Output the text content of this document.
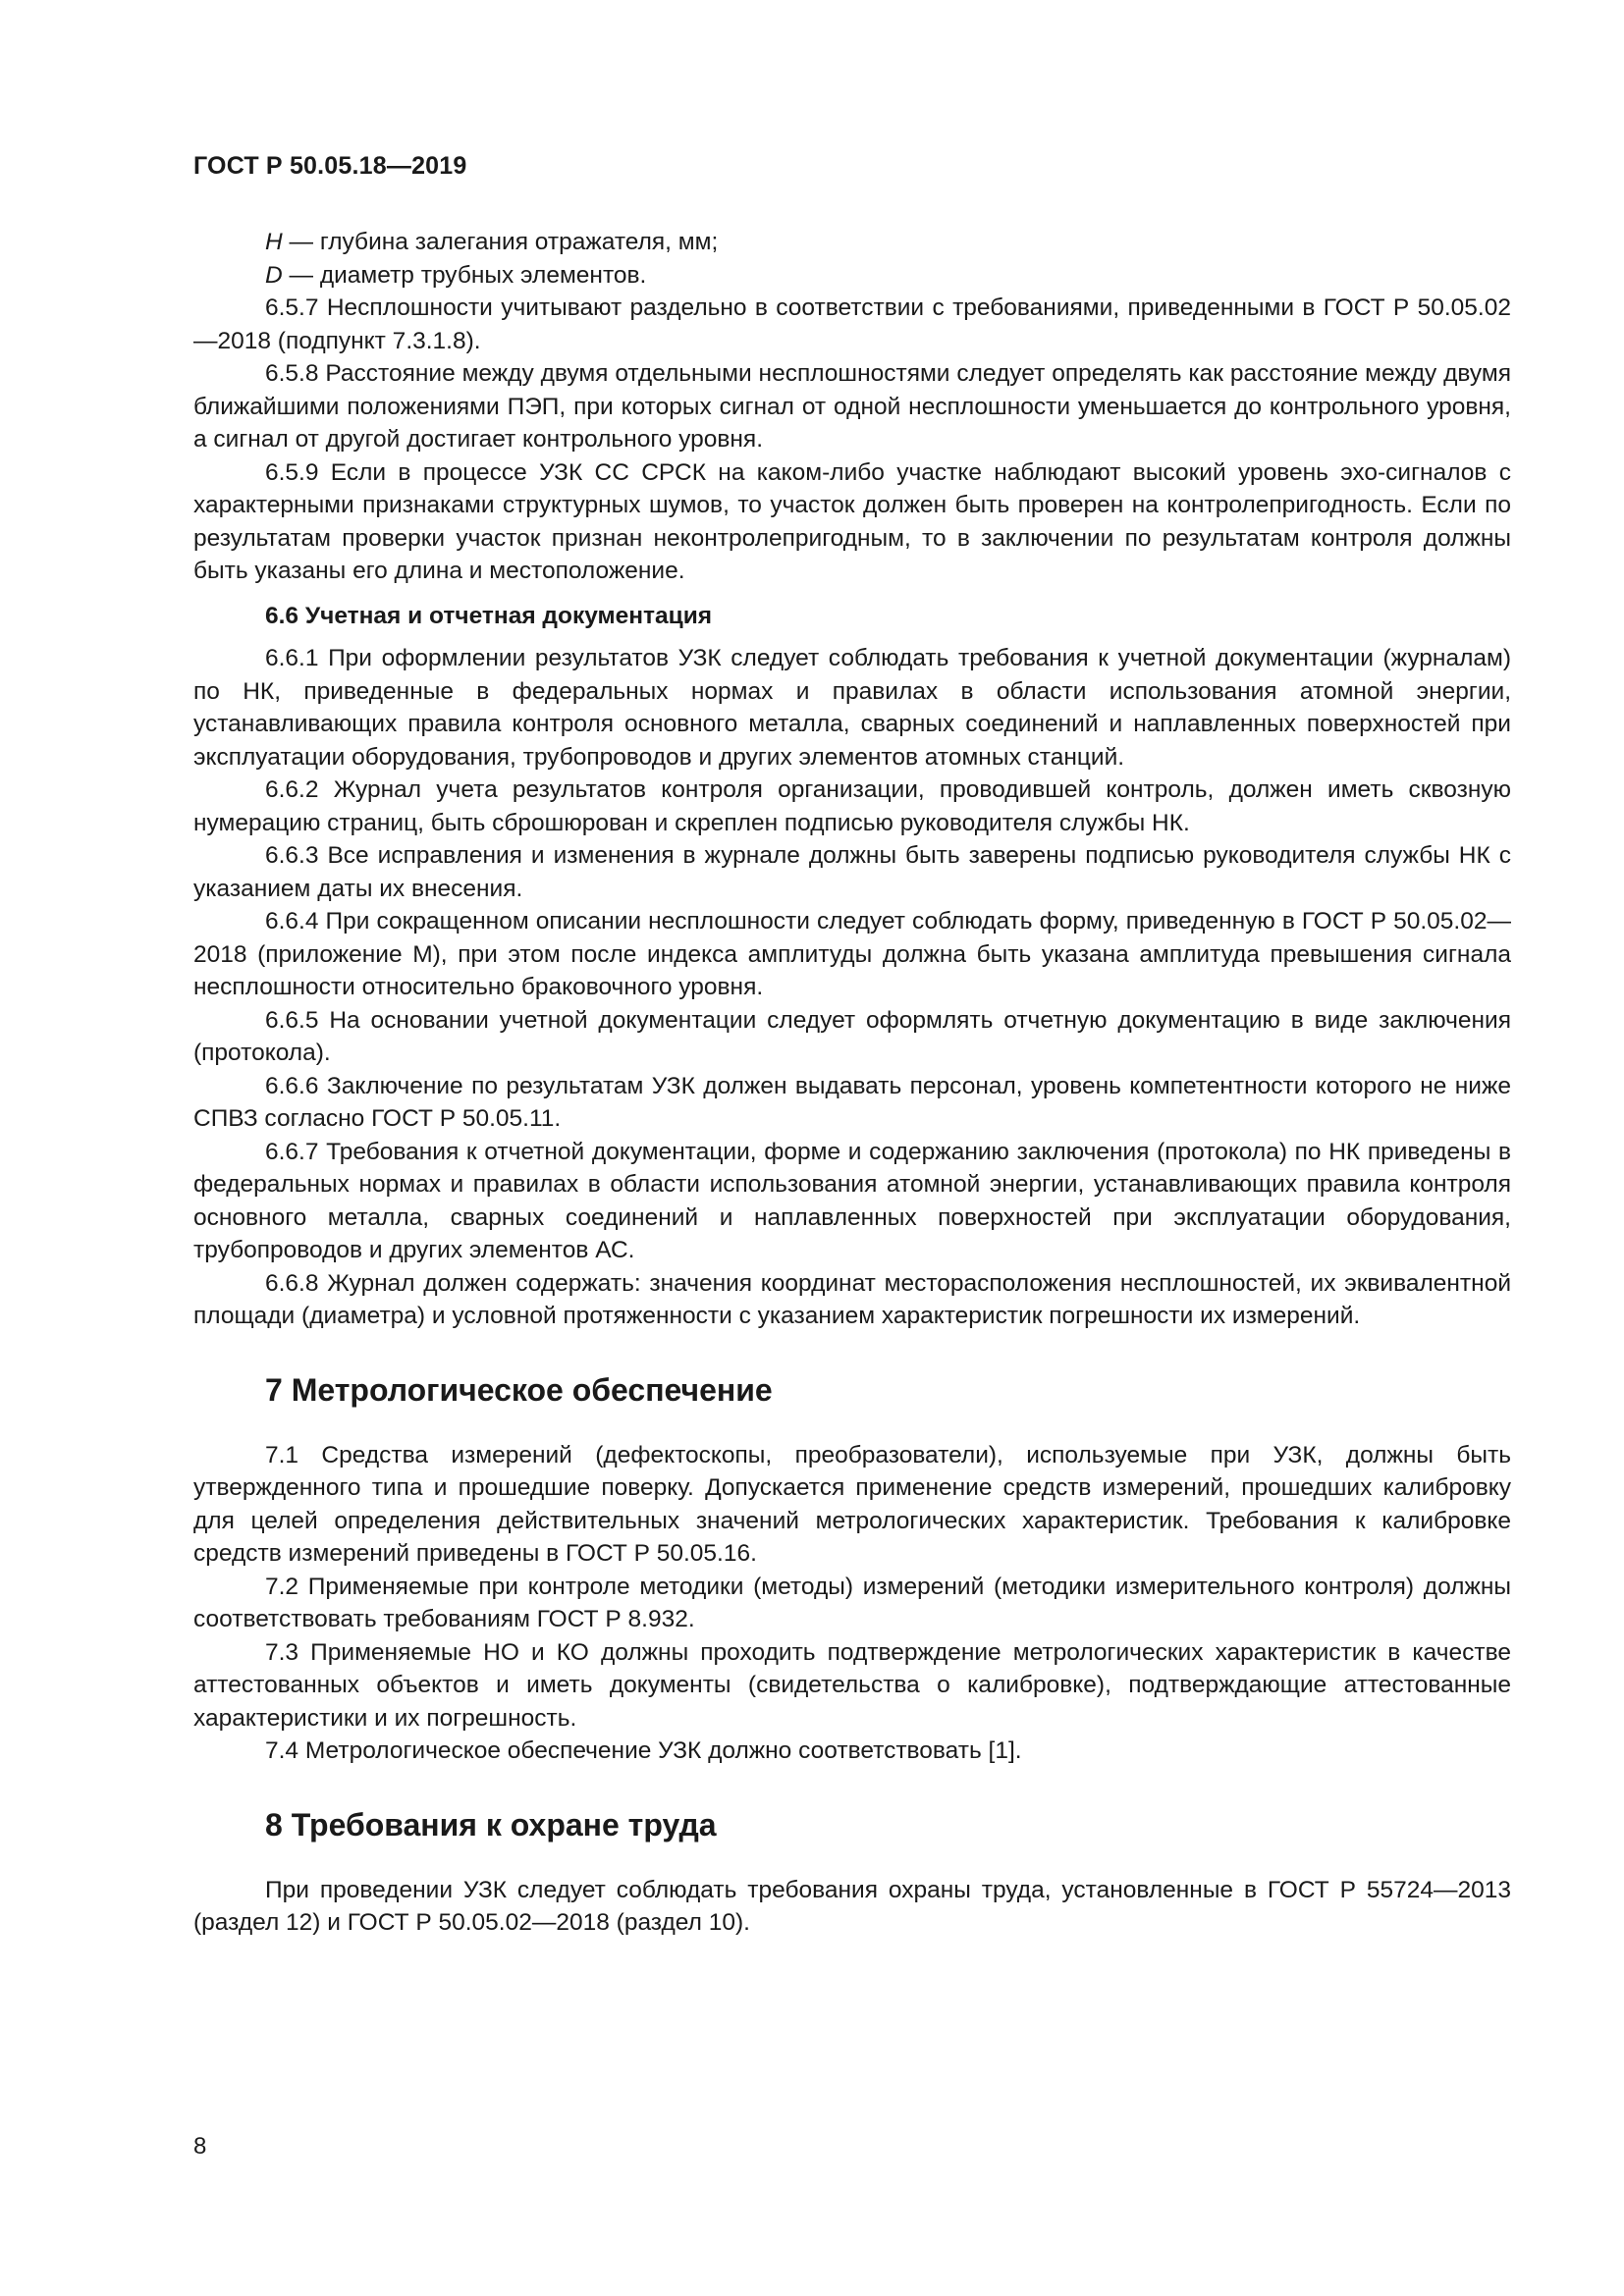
ГОСТ Р 50.05.18—2019

H — глубина залегания отражателя, мм;

D — диаметр трубных элементов.

6.5.7 Несплошности учитывают раздельно в соответствии с требованиями, приведенными в ГОСТ Р 50.05.02—2018 (подпункт 7.3.1.8).

6.5.8 Расстояние между двумя отдельными несплошностями следует определять как расстояние между двумя ближайшими положениями ПЭП, при которых сигнал от одной несплошности уменьшается до контрольного уровня, а сигнал от другой достигает контрольного уровня.

6.5.9 Если в процессе УЗК СС СРСК на каком-либо участке наблюдают высокий уровень эхо-сигналов с характерными признаками структурных шумов, то участок должен быть проверен на контролепригодность. Если по результатам проверки участок признан неконтролепригодным, то в заключении по результатам контроля должны быть указаны его длина и местоположение.

6.6 Учетная и отчетная документация

6.6.1 При оформлении результатов УЗК следует соблюдать требования к учетной документации (журналам) по НК, приведенные в федеральных нормах и правилах в области использования атомной энергии, устанавливающих правила контроля основного металла, сварных соединений и наплавленных поверхностей при эксплуатации оборудования, трубопроводов и других элементов атомных станций.

6.6.2 Журнал учета результатов контроля организации, проводившей контроль, должен иметь сквозную нумерацию страниц, быть сброшюрован и скреплен подписью руководителя службы НК.

6.6.3 Все исправления и изменения в журнале должны быть заверены подписью руководителя службы НК с указанием даты их внесения.

6.6.4 При сокращенном описании несплошности следует соблюдать форму, приведенную в ГОСТ Р 50.05.02—2018 (приложение М), при этом после индекса амплитуды должна быть указана амплитуда превышения сигнала несплошности относительно браковочного уровня.

6.6.5 На основании учетной документации следует оформлять отчетную документацию в виде заключения (протокола).

6.6.6 Заключение по результатам УЗК должен выдавать персонал, уровень компетентности которого не ниже СПВЗ согласно ГОСТ Р 50.05.11.

6.6.7 Требования к отчетной документации, форме и содержанию заключения (протокола) по НК приведены в федеральных нормах и правилах в области использования атомной энергии, устанавливающих правила контроля основного металла, сварных соединений и наплавленных поверхностей при эксплуатации оборудования, трубопроводов и других элементов АС.

6.6.8 Журнал должен содержать: значения координат месторасположения несплошностей, их эквивалентной площади (диаметра) и условной протяженности с указанием характеристик погрешности их измерений.

7 Метрологическое обеспечение

7.1 Средства измерений (дефектоскопы, преобразователи), используемые при УЗК, должны быть утвержденного типа и прошедшие поверку. Допускается применение средств измерений, прошедших калибровку для целей определения действительных значений метрологических характеристик. Требования к калибровке средств измерений приведены в ГОСТ Р 50.05.16.

7.2 Применяемые при контроле методики (методы) измерений (методики измерительного контроля) должны соответствовать требованиям ГОСТ Р 8.932.

7.3 Применяемые НО и КО должны проходить подтверждение метрологических характеристик в качестве аттестованных объектов и иметь документы (свидетельства о калибровке), подтверждающие аттестованные характеристики и их погрешность.

7.4 Метрологическое обеспечение УЗК должно соответствовать [1].

8 Требования к охране труда

При проведении УЗК следует соблюдать требования охраны труда, установленные в ГОСТ Р 55724—2013 (раздел 12) и ГОСТ Р 50.05.02—2018 (раздел 10).

8
